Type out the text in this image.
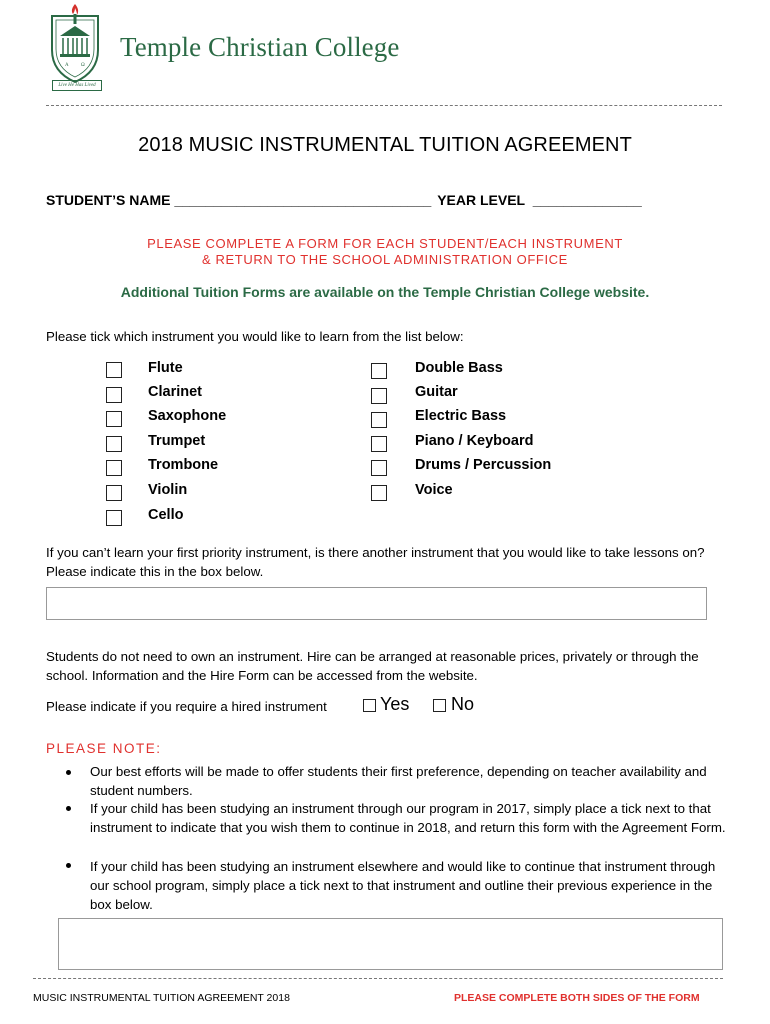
A Ω
Live He Has Lived
Temple Christian College
2018 MUSIC INSTRUMENTAL TUITION AGREEMENT
STUDENT’S NAME _________________________________ YEAR LEVEL ______________
PLEASE COMPLETE A FORM FOR EACH STUDENT/EACH INSTRUMENT
& RETURN TO THE SCHOOL ADMINISTRATION OFFICE
Additional Tuition Forms are available on the Temple Christian College website.
Please tick which instrument you would like to learn from the list below:
Flute
Clarinet
Saxophone
Trumpet
Trombone
Violin
Cello
Double Bass
Guitar
Electric Bass
Piano / Keyboard
Drums / Percussion
Voice
If you can’t learn your first priority instrument, is there another instrument that you would like to take lessons on? Please indicate this in the box below.
Students do not need to own an instrument. Hire can be arranged at reasonable prices, privately or through the school. Information and the Hire Form can be accessed from the website.
Please indicate if you require a hired instrument	Yes No
PLEASE NOTE:
Our best efforts will be made to offer students their first preference, depending on teacher availability and student numbers.
If your child has been studying an instrument through our program in 2017, simply place a tick next to that instrument to indicate that you wish them to continue in 2018, and return this form with the Agreement Form.
If your child has been studying an instrument elsewhere and would like to continue that instrument through our school program, simply place a tick next to that instrument and outline their previous experience in the box below.
MUSIC INSTRUMENTAL TUITION AGREEMENT 2018	PLEASE COMPLETE BOTH SIDES OF THE FORM
